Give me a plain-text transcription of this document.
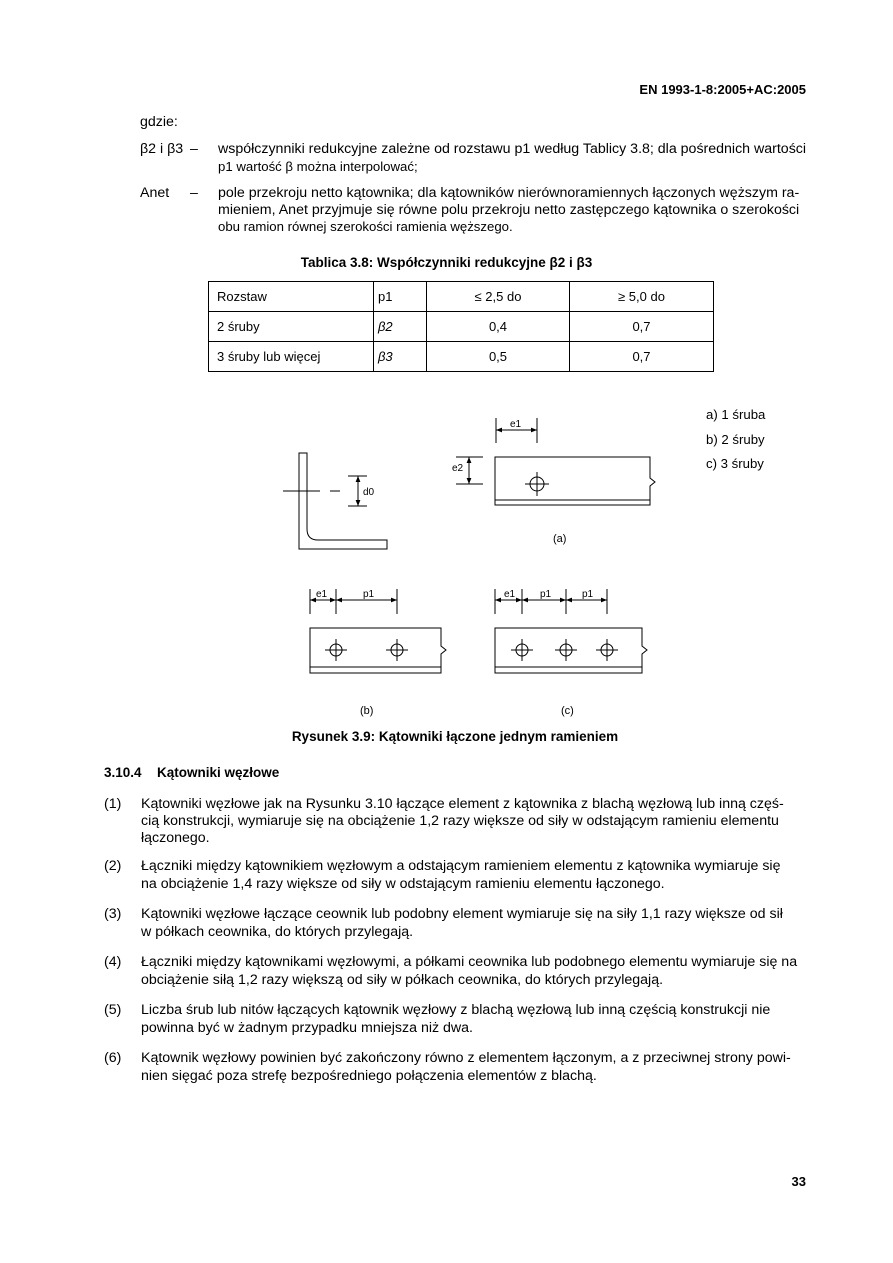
EN 1993-1-8:2005+AC:2005
gdzie:
β2 i β3 – współczynniki redukcyjne zależne od rozstawu p1 według Tablicy 3.8; dla pośrednich wartości
p1 wartość β można interpolować;
Anet – pole przekroju netto kątownika; dla kątowników nierównoramiennych łączonych węższym ra-
mieniem, Anet przyjmuje się równe polu przekroju netto zastępczego kątownika o szerokości
obu ramion równej szerokości ramienia węższego.
Tablica 3.8: Współczynniki redukcyjne β2 i β3
Rozstaw	p1	≤ 2,5 do	≥ 5,0 do
2 śruby	β2	0,4	0,7
3 śruby lub więcej	β3	0,5	0,7
a) 1 śruba
b) 2 śruby
c) 3 śruby
d0
e1
e2
e1	p1	e1 p1	p1
(a)
(b)	(c)
Rysunek 3.9: Kątowniki łączone jednym ramieniem
3.10.4 Kątowniki węzłowe
(1) Kątowniki węzłowe jak na Rysunku 3.10 łączące element z kątownika z blachą węzłową lub inną częś-
cią konstrukcji, wymiaruje się na obciążenie 1,2 razy większe od siły w odstającym ramieniu elementu
łączonego.
(2) Łączniki między kątownikiem węzłowym a odstającym ramieniem elementu z kątownika wymiaruje się
na obciążenie 1,4 razy większe od siły w odstającym ramieniu elementu łączonego.
(3) Kątowniki węzłowe łączące ceownik lub podobny element wymiaruje się na siły 1,1 razy większe od sił
w półkach ceownika, do których przylegają.
(4) Łączniki między kątownikami węzłowymi, a półkami ceownika lub podobnego elementu wymiaruje się na
obciążenie siłą 1,2 razy większą od siły w półkach ceownika, do których przylegają.
(5) Liczba śrub lub nitów łączących kątownik węzłowy z blachą węzłową lub inną częścią konstrukcji nie
powinna być w żadnym przypadku mniejsza niż dwa.
(6) Kątownik węzłowy powinien być zakończony równo z elementem łączonym, a z przeciwnej strony powi-
nien sięgać poza strefę bezpośredniego połączenia elementów z blachą.
33
